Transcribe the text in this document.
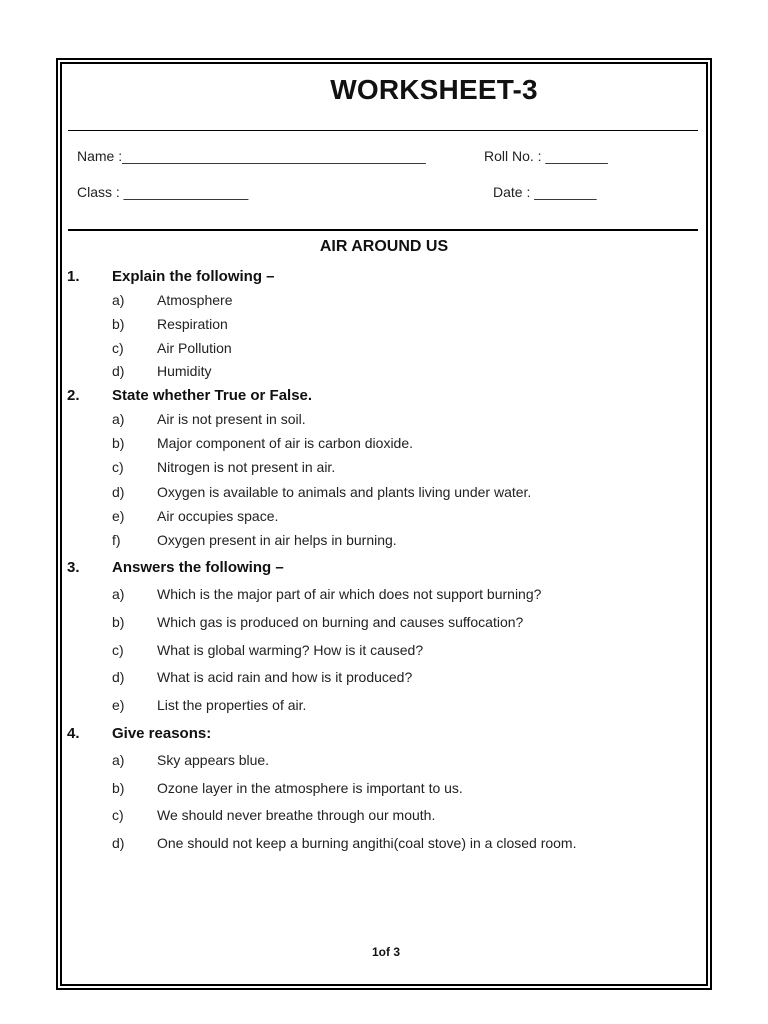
WORKSHEET-3
Name :_______________________________________	Roll No. : ________
Class : ________________	Date : ________
AIR AROUND US
1. Explain the following –
a) Atmosphere
b) Respiration
c) Air Pollution
d) Humidity
2. State whether True or False.
a) Air is not present in soil.
b) Major component of air is carbon dioxide.
c) Nitrogen is not present in air.
d) Oxygen is available to animals and plants living under water.
e) Air occupies space.
f)	Oxygen present in air helps in burning.
3. Answers the following –
a) Which is the major part of air which does not support burning?
b) Which gas is produced on burning and causes suffocation?
c) What is global warming? How is it caused?
d) What is acid rain and how is it produced?
e) List the properties of air.
4. Give reasons:
a) Sky appears blue.
b) Ozone layer in the atmosphere is important to us.
c) We should never breathe through our mouth.
d) One should not keep a burning angithi(coal stove) in a closed room.
1of 3
